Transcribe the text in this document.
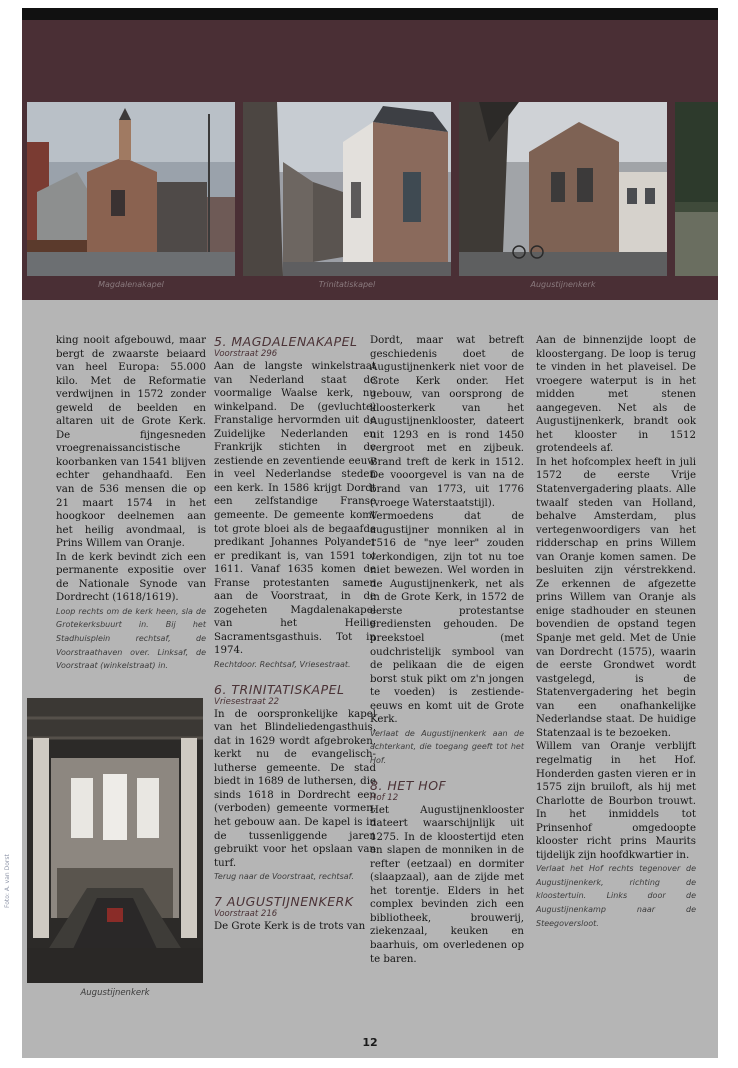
Magdalenakapel	Trinitatiskapel	Augustijnenkerk

king nooit afgebouwd, maar bergt de zwaarste beiaard van heel Europa: 55.000 kilo. Met de Reformatie verdwijnen in 1572 zonder geweld de beelden en altaren uit de Grote Kerk. De fijngesneden vroegrenaissancistische koorbanken van 1541 blijven echter gehandhaafd. Een van de 536 mensen die op 21 maart 1574 in het hoogkoor deelnemen aan het heilig avondmaal, is Prins Willem van Oranje.

In de kerk bevindt zich een permanente expositie over de Nationale Synode van Dordrecht (1618/1619).

Loop rechts om de kerk heen, sla de Grotekerksbuurt in. Bij het Stadhuisplein rechtsaf, de Voorstraathaven over. Linksaf, de Voorstraat (winkelstraat) in.

Foto: A. van Dorst
Augustijnenkerk
5. MAGDALENAKAPEL
Voorstraat 296

Aan de langste winkelstraat van Nederland staat de voormalige Waalse kerk, nu winkelpand. De (gevluchte) Franstalige hervormden uit de Zuidelijke Nederlanden en Frankrijk stichten in de zestiende en zeventiende eeuw in veel Nederlandse steden een kerk. In 1586 krijgt Dordt een zelfstandige Franse gemeente. De gemeente komt tot grote bloei als de begaafde predikant Johannes Polyander er predikant is, van 1591 tot 1611. Vanaf 1635 komen de Franse protestanten samen aan de Voorstraat, in de zogeheten Magdalenakapel van het Heilig Sacramentsgasthuis. Tot in 1974.

Rechtdoor. Rechtsaf, Vriesestraat.

6. TRINITATISKAPEL
Vriesestraat 22

In de oorspronkelijke kapel van het Blindeliedengasthuis, dat in 1629 wordt afgebroken, kerkt nu de evangelisch-lutherse gemeente. De stad biedt in 1689 de luthersen, die sinds 1618 in Dordrecht een (verboden) gemeente vormen, het gebouw aan. De kapel is in de tussenliggende jaren gebruikt voor het opslaan van turf.

Terug naar de Voorstraat, rechtsaf.

7 AUGUSTIJNENKERK
Voorstraat 216

De Grote Kerk is de trots van

Dordt, maar wat betreft geschiedenis doet de Augustijnenkerk niet voor de Grote Kerk onder. Het gebouw, van oorsprong de kloosterkerk van het Augustijnenklooster, dateert uit 1293 en is rond 1450 vergroot met en zijbeuk. Brand treft de kerk in 1512. De vooorgevel is van na de brand van 1773, uit 1776 (vroege Waterstaatstijl).

Vermoedens dat de augustijner monniken al in 1516 de "nye leer" zouden verkondigen, zijn tot nu toe niet bewezen. Wel worden in de Augustijnenkerk, net als in de Grote Kerk, in 1572 de eerste protestantse erediensten gehouden. De preekstoel (met oudchristelijk symbool van de pelikaan die de eigen borst stuk pikt om z'n jongen te voeden) is zestiende-eeuws en komt uit de Grote Kerk.

Verlaat de Augustijnenkerk aan de achterkant, die toegang geeft tot het Hof.

8. HET HOF
Hof 12

Het Augustijnenklooster dateert waarschijnlijk uit 1275. In de kloostertijd eten en slapen de monniken in de refter (eetzaal) en dormiter (slaapzaal), aan de zijde met het torentje. Elders in het complex bevinden zich een bibliotheek, brouwerij, ziekenzaal, keuken en baarhuis, om overledenen op te baren.

Aan de binnenzijde loopt de kloostergang. De loop is terug te vinden in het plaveisel. De vroegere waterput is in het midden met stenen aangegeven. Net als de Augustijnenkerk, brandt ook het klooster in 1512 grotendeels af.

In het hofcomplex heeft in juli 1572 de eerste Vrije Statenvergadering plaats. Alle twaalf steden van Holland, behalve Amsterdam, plus vertegenwoordigers van het ridderschap en prins Willem van Oranje komen samen. De besluiten zijn vérstrekkend. Ze erkennen de afgezette prins Willem van Oranje als enige stadhouder en steunen bovendien de opstand tegen Spanje met geld. Met de Unie van Dordrecht (1575), waarin de eerste Grondwet wordt vastgelegd, is de Statenvergadering het begin van een onafhankelijke Nederlandse staat. De huidige Statenzaal is te bezoeken.

Willem van Oranje verblijft regelmatig in het Hof. Honderden gasten vieren er in 1575 zijn bruiloft, als hij met Charlotte de Bourbon trouwt. In het inmiddels tot Prinsenhof omgedoopte klooster richt prins Maurits tijdelijk zijn hoofdkwartier in.

Verlaat het Hof rechts tegenover de Augustijnenkerk, richting de kloostertuin. Links door de Augustijnenkamp naar de Steegoversloot.

12
